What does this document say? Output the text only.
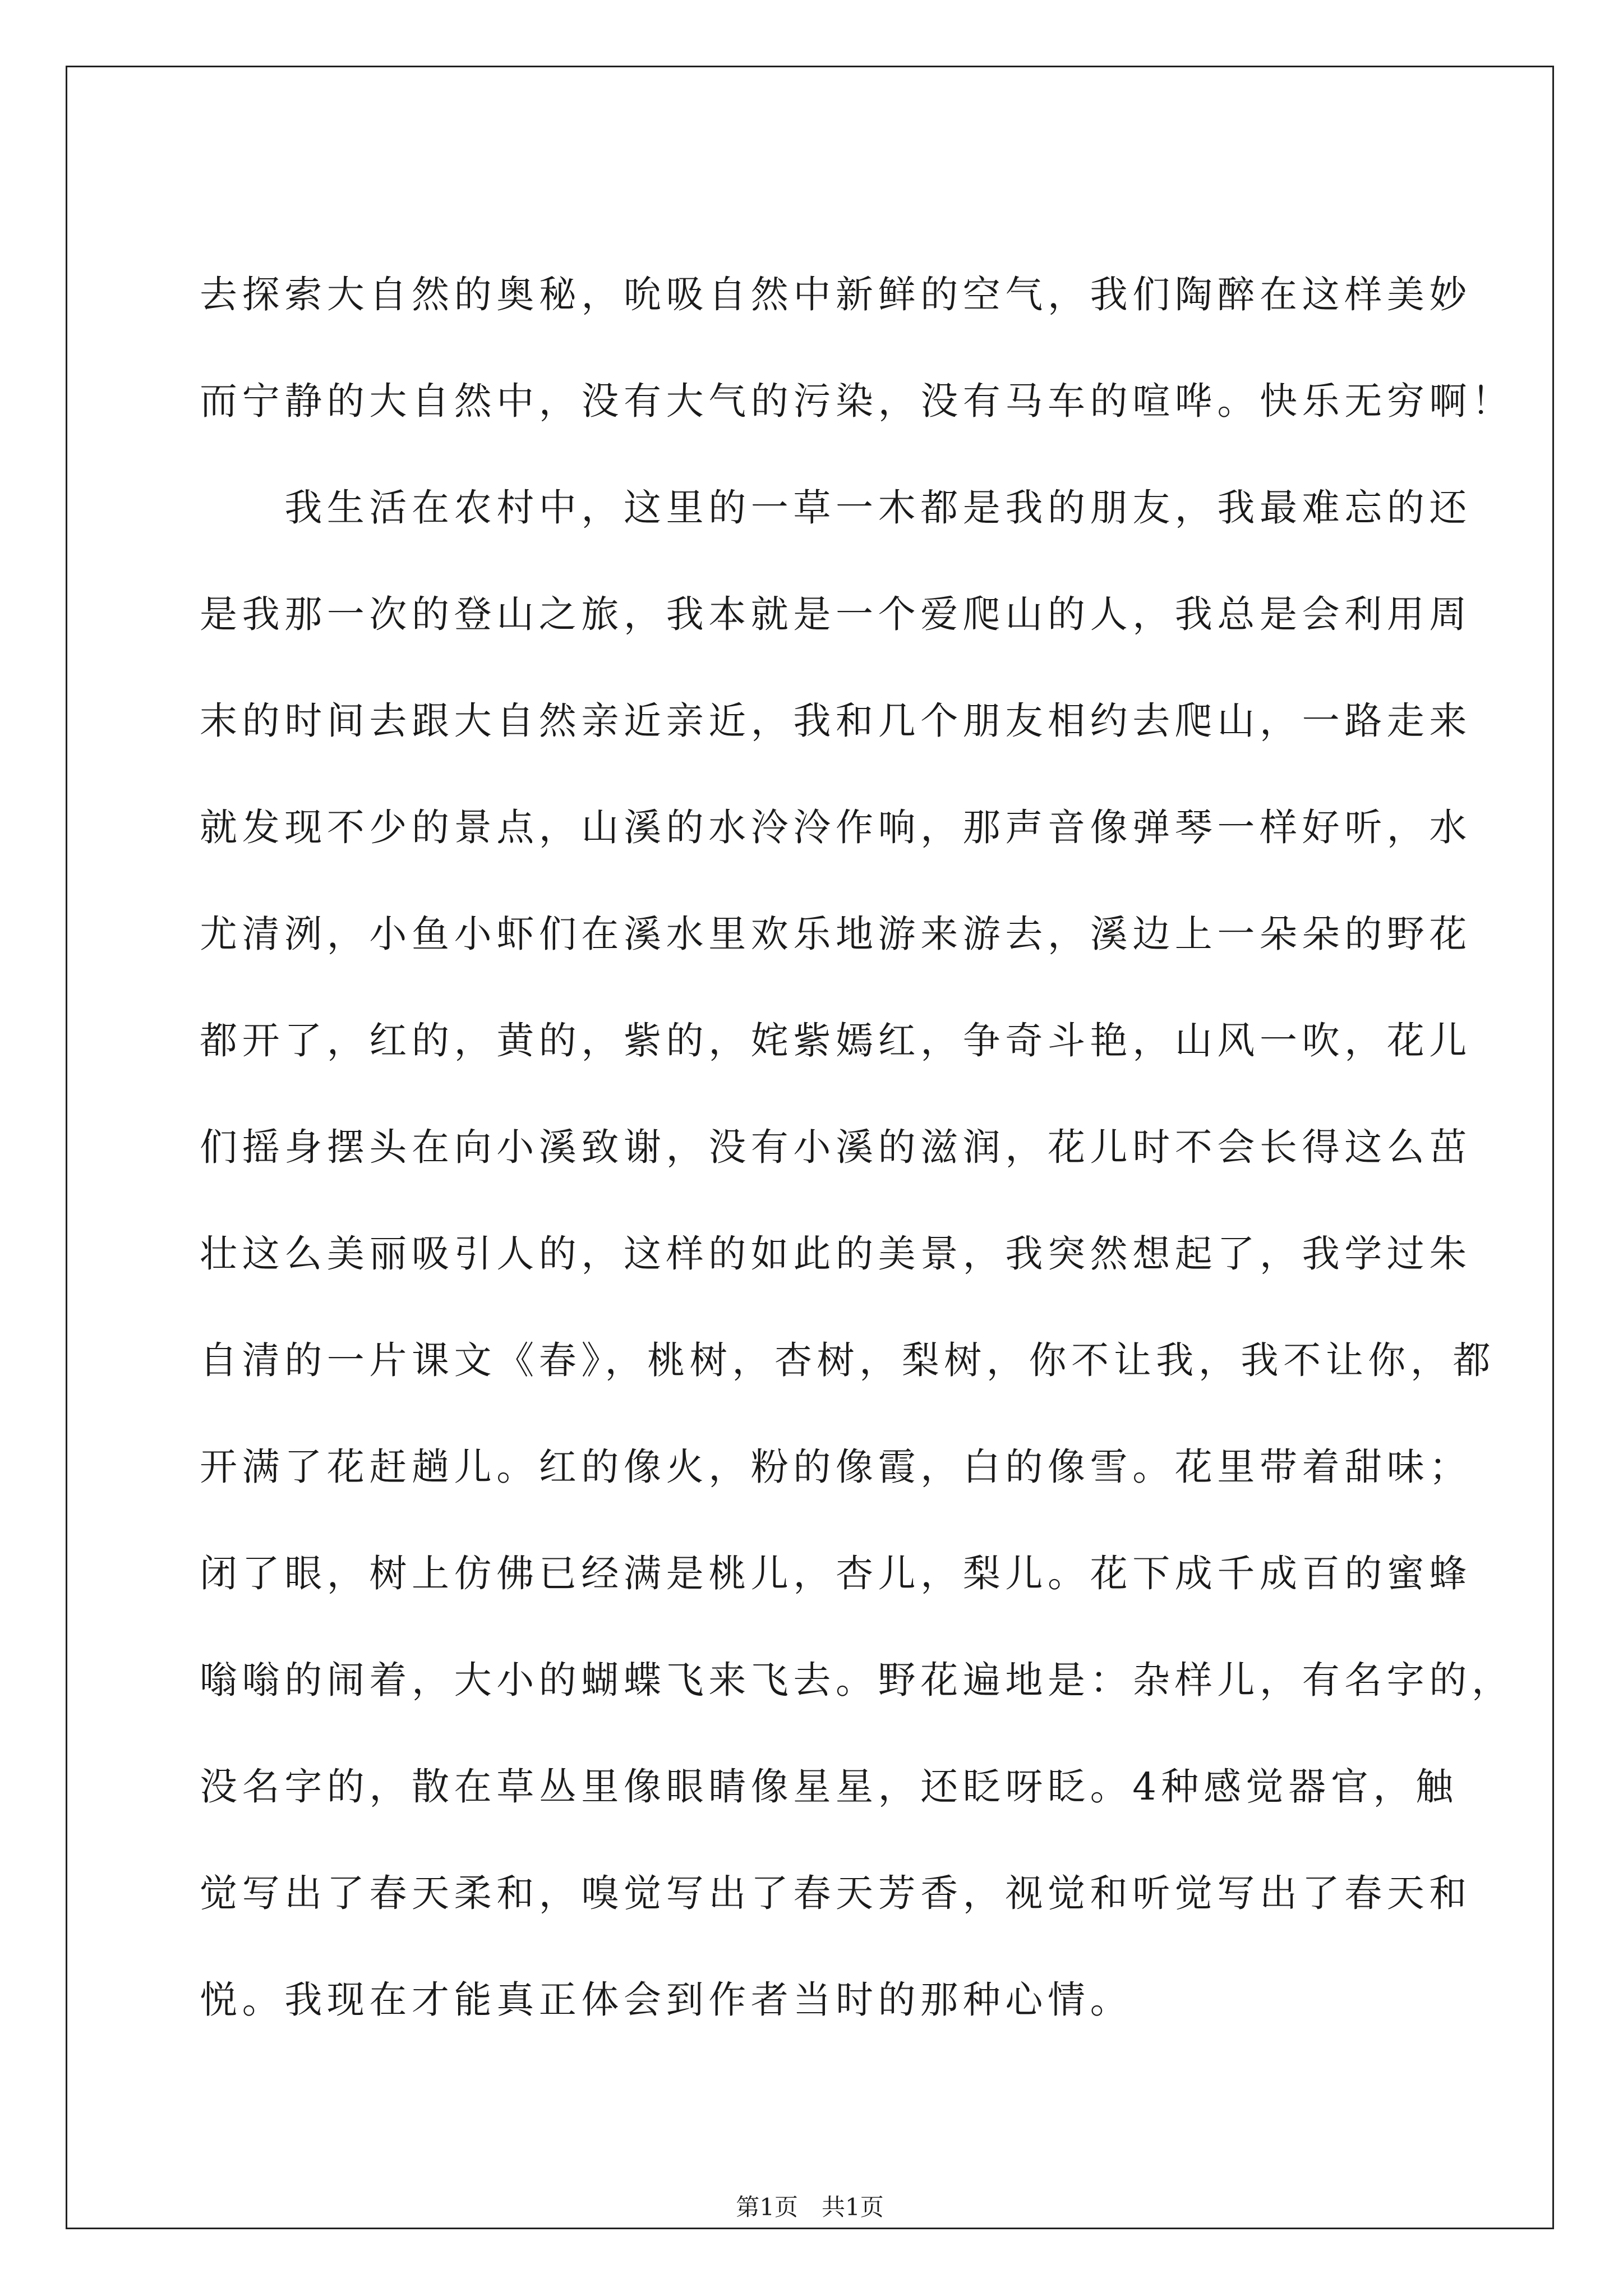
去探索大自然的奥秘，吮吸自然中新鲜的空气，我们陶醉在这样美妙
而宁静的大自然中，没有大气的污染，没有马车的喧哗。快乐无穷啊！
　　我生活在农村中，这里的一草一木都是我的朋友，我最难忘的还
是我那一次的登山之旅，我本就是一个爱爬山的人，我总是会利用周
末的时间去跟大自然亲近亲近，我和几个朋友相约去爬山，一路走来
就发现不少的景点，山溪的水泠泠作响，那声音像弹琴一样好听，水
尤清洌，小鱼小虾们在溪水里欢乐地游来游去，溪边上一朵朵的野花
都开了，红的，黄的，紫的，姹紫嫣红，争奇斗艳，山风一吹，花儿
们摇身摆头在向小溪致谢，没有小溪的滋润，花儿时不会长得这么茁
壮这么美丽吸引人的，这样的如此的美景，我突然想起了，我学过朱
自清的一片课文《春》，桃树，杏树，梨树，你不让我，我不让你，都
开满了花赶趟儿。红的像火，粉的像霞，白的像雪。花里带着甜味；
闭了眼，树上仿佛已经满是桃儿，杏儿，梨儿。花下成千成百的蜜蜂
嗡嗡的闹着，大小的蝴蝶飞来飞去。野花遍地是：杂样儿，有名字的，
没名字的，散在草丛里像眼睛像星星，还眨呀眨。4种感觉器官，触
觉写出了春天柔和，嗅觉写出了春天芳香，视觉和听觉写出了春天和
悦。我现在才能真正体会到作者当时的那种心情。
第1页　共1页
